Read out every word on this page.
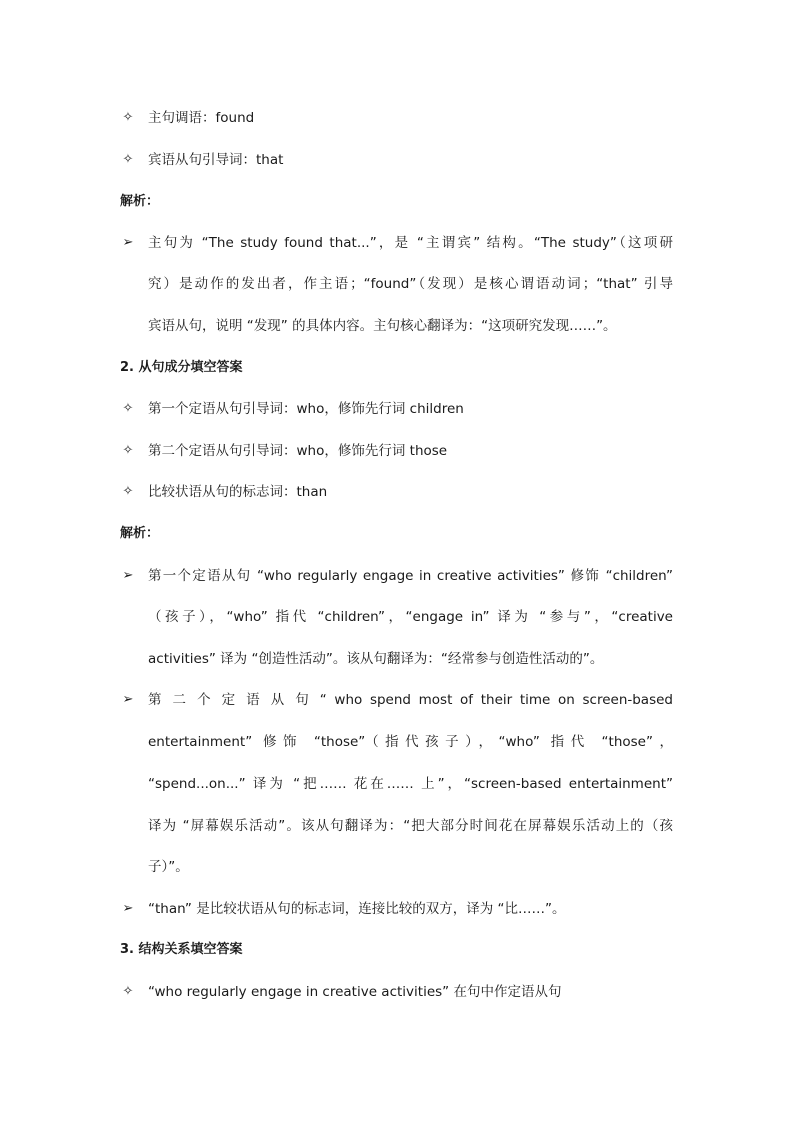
✧ 主句调语：found
✧ 宾语从句引导词：that
解析：
➢ 主句为 “The study found that...”，是 “主谓宾” 结构。“The study”（这项研
究）是动作的发出者，作主语；“found”（发现）是核心谓语动词；“that” 引导
宾语从句，说明 “发现” 的具体内容。主句核心翻译为：“这项研究发现……”。
2. 从句成分填空答案
✧ 第一个定语从句引导词：who，修饰先行词 children
✧ 第二个定语从句引导词：who，修饰先行词 those
✧ 比较状语从句的标志词：than
解析：
➢ 第一个定语从句 “who regularly engage in creative activities” 修饰 “children”
（孩子），“who” 指代 “children”，“engage in” 译为 “参与”，“creative
activities” 译为 “创造性活动”。该从句翻译为：“经常参与创造性活动的”。
➢ 第 二 个 定 语 从 句 “ who spend most of their time on screen-based
entertainment” 修饰 “those”（指代孩子），“who” 指代 “those”，
“spend...on...” 译为 “把…… 花在…… 上”，“screen-based entertainment”
译为 “屏幕娱乐活动”。该从句翻译为：“把大部分时间花在屏幕娱乐活动上的（孩
子）”。
➢ “than” 是比较状语从句的标志词，连接比较的双方，译为 “比……”。
3. 结构关系填空答案
✧ “who regularly engage in creative activities” 在句中作定语从句
